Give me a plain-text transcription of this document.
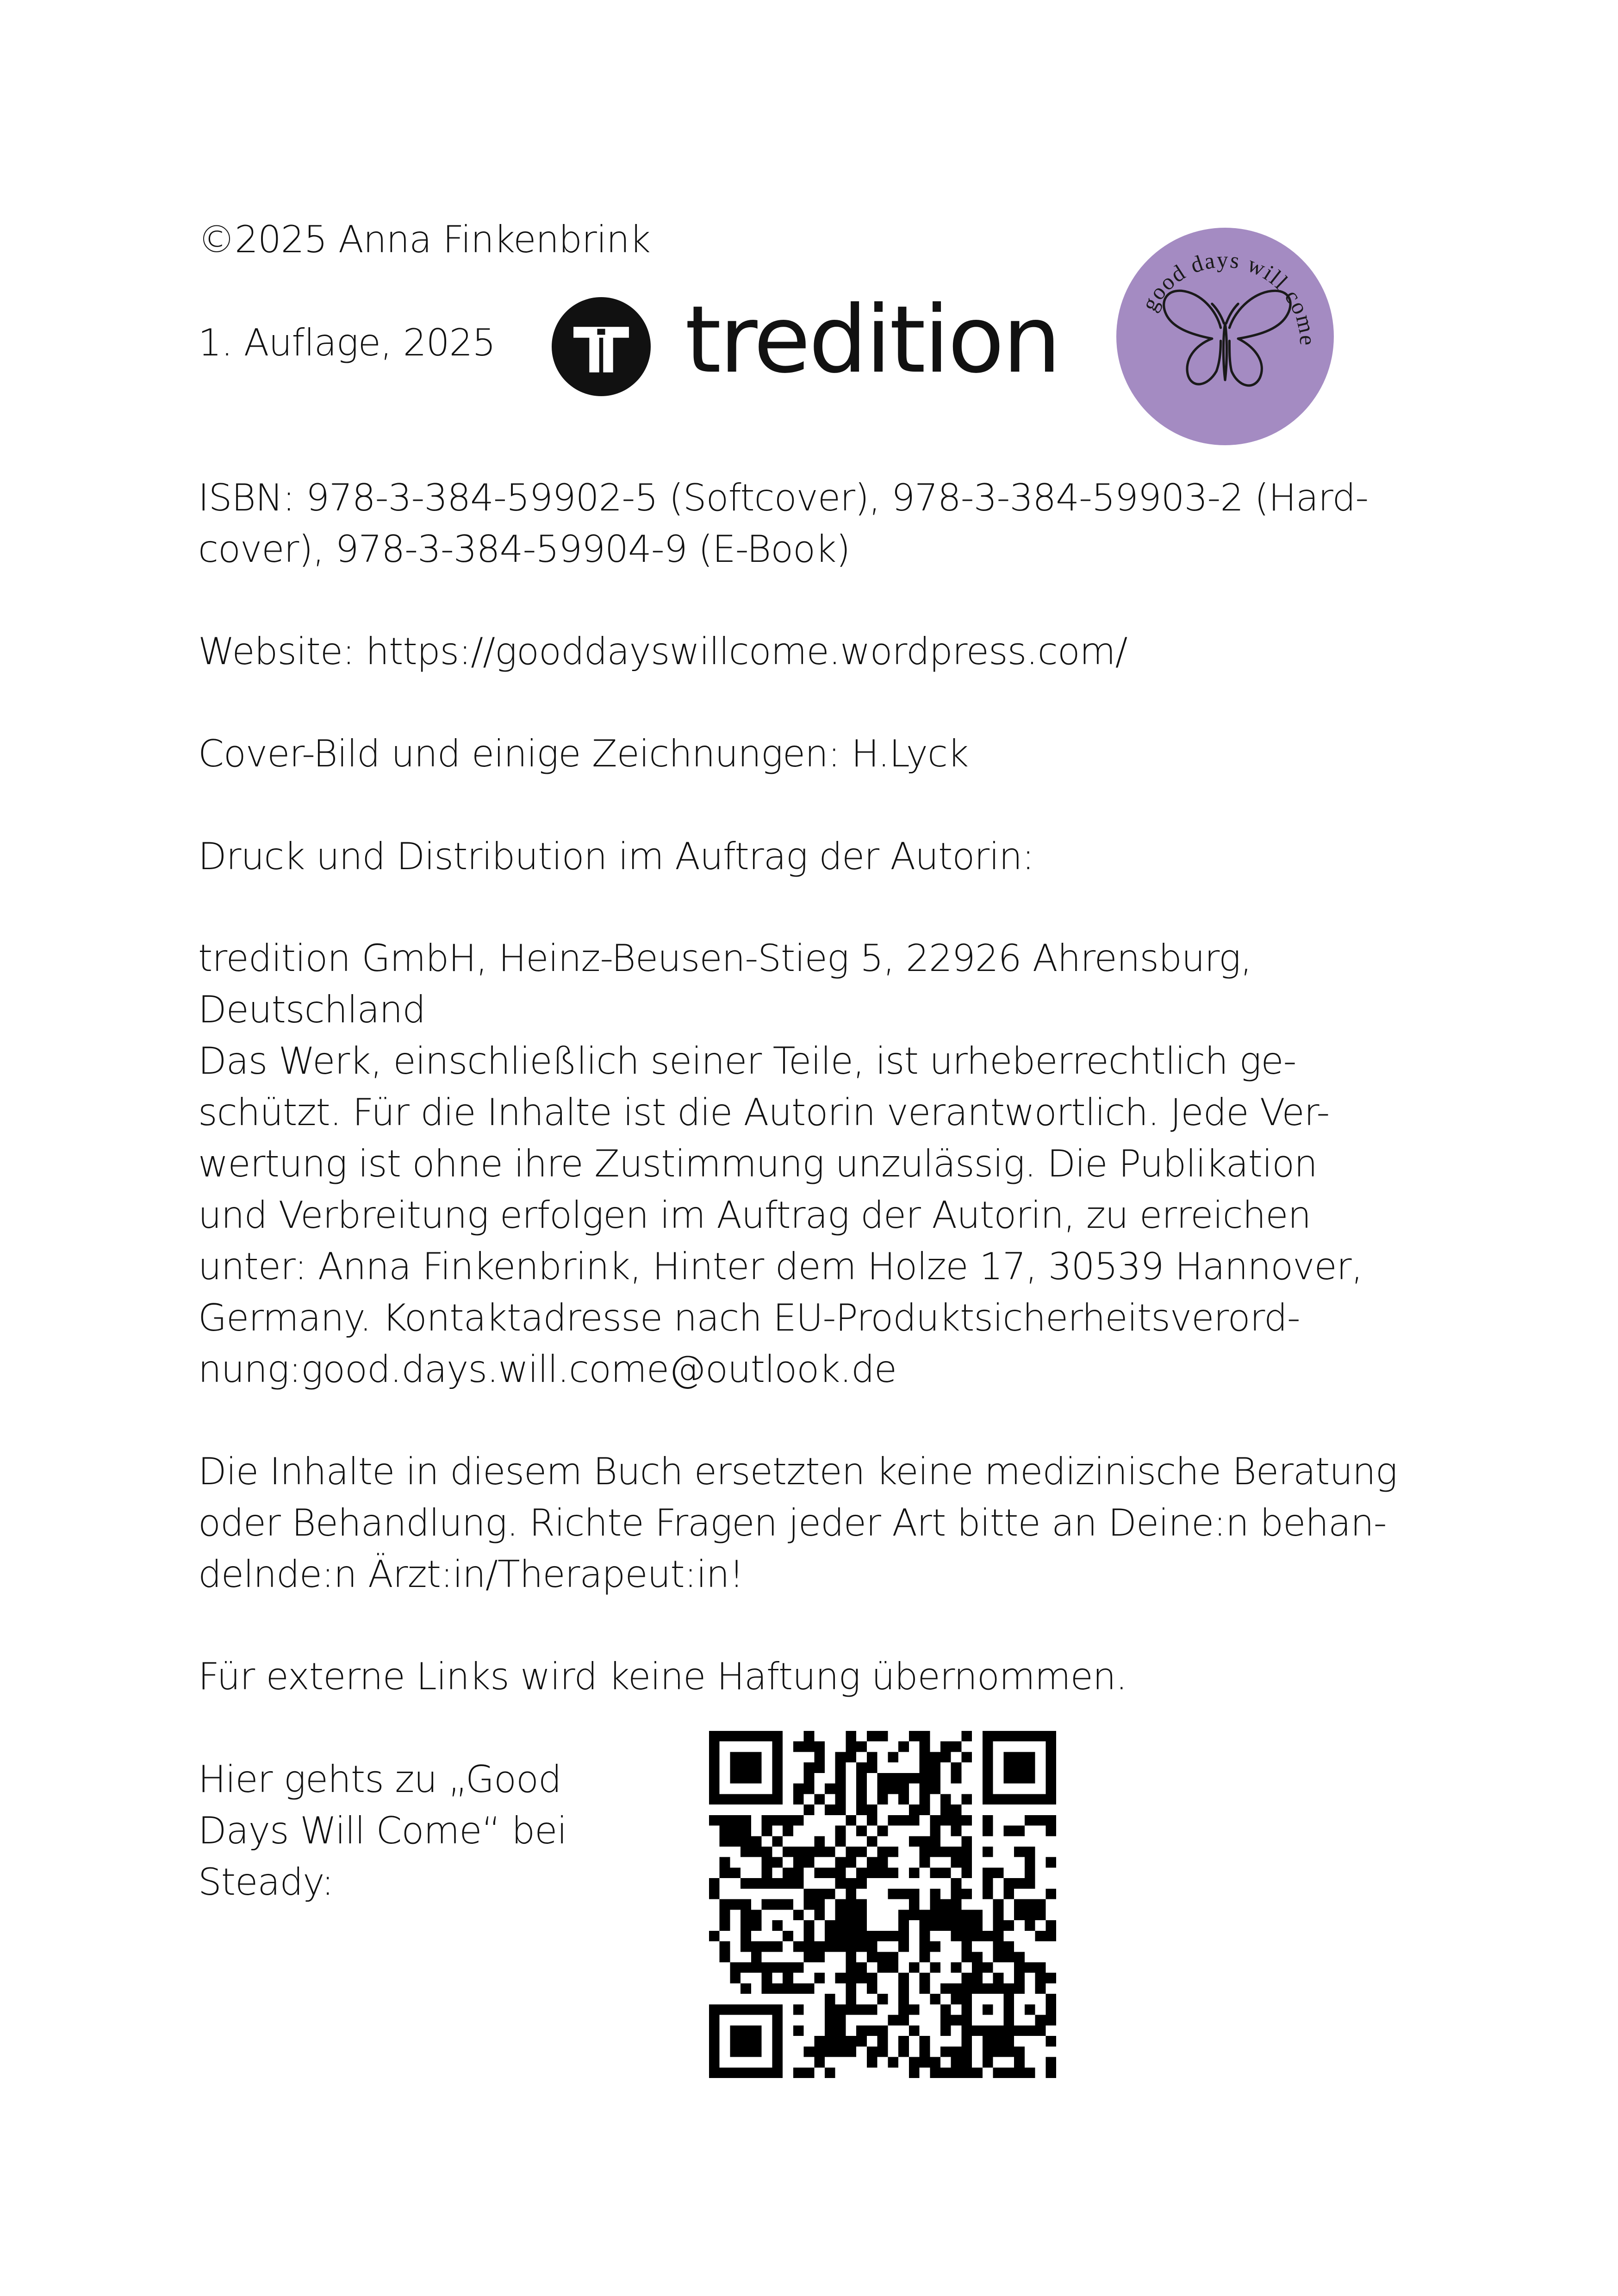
©2025 Anna Finkenbrink

1. Auflage, 2025 tredition	good days will come
ISBN: 978-3-384-59902-5 (Softcover), 978-3-384-59903-2 (Hard-
cover), 978-3-384-59904-9 (E-Book)

Website: https://gooddayswillcome.wordpress.com/

Cover-Bild und einige Zeichnungen: H.Lyck

Druck und Distribution im Auftrag der Autorin:

tredition GmbH, Heinz-Beusen-Stieg 5, 22926 Ahrensburg,
Deutschland
Das Werk, einschließlich seiner Teile, ist urheberrechtlich ge-
schützt. Für die Inhalte ist die Autorin verantwortlich. Jede Ver-
wertung ist ohne ihre Zustimmung unzulässig. Die Publikation
und Verbreitung erfolgen im Auftrag der Autorin, zu erreichen
unter: Anna Finkenbrink, Hinter dem Holze 17, 30539 Hannover,
Germany. Kontaktadresse nach EU-Produktsicherheitsverord-
nung:good.days.will.come@outlook.de
Die Inhalte in diesem Buch ersetzten keine medizinische Beratung
oder Behandlung. Richte Fragen jeder Art bitte an Deine:n behan-
delnde:n Ärzt:in/Therapeut:in!

Für externe Links wird keine Haftung übernommen.

Hier gehts zu „Good
Days Will Come“ bei
Steady:
